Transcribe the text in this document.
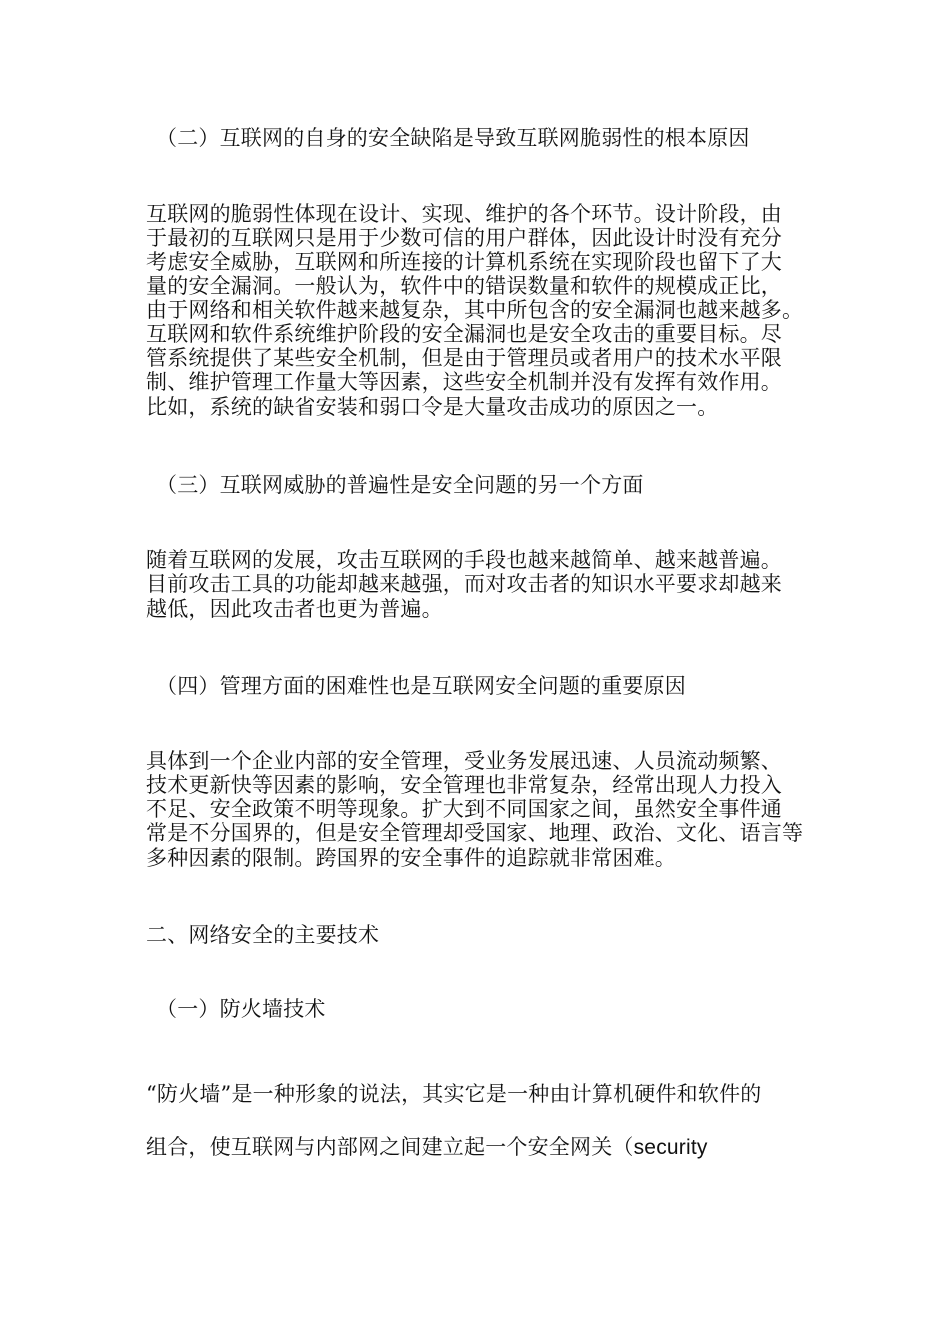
（二）互联网的自身的安全缺陷是导致互联网脆弱性的根本原因
互联网的脆弱性体现在设计、实现、维护的各个环节。设计阶段，由
于最初的互联网只是用于少数可信的用户群体，因此设计时没有充分
考虑安全威胁，互联网和所连接的计算机系统在实现阶段也留下了大
量的安全漏洞。一般认为，软件中的错误数量和软件的规模成正比，
由于网络和相关软件越来越复杂，其中所包含的安全漏洞也越来越多。
互联网和软件系统维护阶段的安全漏洞也是安全攻击的重要目标。尽
管系统提供了某些安全机制，但是由于管理员或者用户的技术水平限
制、维护管理工作量大等因素，这些安全机制并没有发挥有效作用。
比如，系统的缺省安装和弱口令是大量攻击成功的原因之一。
（三）互联网威胁的普遍性是安全问题的另一个方面
随着互联网的发展，攻击互联网的手段也越来越简单、越来越普遍。
目前攻击工具的功能却越来越强，而对攻击者的知识水平要求却越来
越低，因此攻击者也更为普遍。
（四）管理方面的困难性也是互联网安全问题的重要原因
具体到一个企业内部的安全管理，受业务发展迅速、人员流动频繁、
技术更新快等因素的影响，安全管理也非常复杂，经常出现人力投入
不足、安全政策不明等现象。扩大到不同国家之间，虽然安全事件通
常是不分国界的，但是安全管理却受国家、地理、政治、文化、语言等
多种因素的限制。跨国界的安全事件的追踪就非常困难。
二、网络安全的主要技术
（一）防火墙技术
“防火墙”是一种形象的说法，其实它是一种由计算机硬件和软件的
组合，使互联网与内部网之间建立起一个安全网关（security
